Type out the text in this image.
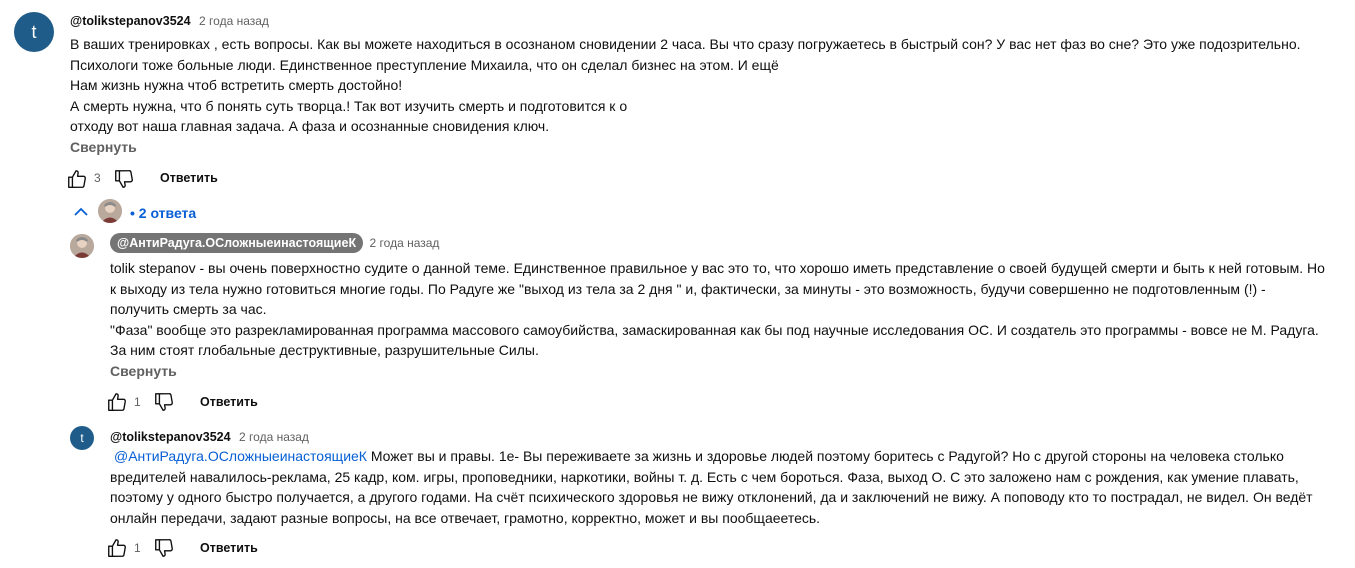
t
@tolikstepanov3524 2 года назад
В ваших тренировках , есть вопросы. Как вы можете находиться в осознаном сновидении 2 часа. Вы что сразу погружаетесь в быстрый сон? У вас нет фаз во сне? Это уже подозрительно.
Психологи тоже больные люди. Единственное преступление Михаила, что он сделал бизнес на этом. И ещё
Нам жизнь нужна чтоб встретить смерть достойно!
А смерть нужна, что б понять суть творца.! Так вот изучить смерть и подготовится к о
отходу вот наша главная задача. А фаза и осознанные сновидения ключ.
Свернуть
3	Ответить
• 2 ответа
@АнтиРадуга.ОСложныеинастоящиеК 2 года назад
tolik stepanov - вы очень поверхностно судите о данной теме. Единственное правильное у вас это то, что хорошо иметь представление о своей будущей смерти и быть к ней готовым. Но
к выходу из тела нужно готовиться многие годы. По Радуге же "выход из тела за 2 дня " и, фактически, за минуты - это возможность, будучи совершенно не подготовленным (!) -
получить смерть за час.
"Фаза" вообще это разрекламированная программа массового самоубийства, замаскированная как бы под научные исследования ОС. И создатель это программы - вовсе не М. Радуга.
За ним стоят глобальные деструктивные, разрушительные Силы.
Свернуть
1	Ответить
t @tolikstepanov3524 2 года назад
@АнтиРадуга.ОСложныеинастоящиеК Может вы и правы. 1е- Вы переживаете за жизнь и здоровье людей поэтому боритесь с Радугой? Но с другой стороны на человека столько
вредителей навалилось-реклама, 25 кадр, ком. игры, проповедники, наркотики, войны т. д. Есть с чем бороться. Фаза, выход О. С это заложено нам с рождения, как умение плавать,
поэтому у одного быстро получается, а другого годами. На счёт психического здоровья не вижу отклонений, да и заключений не вижу. А поповоду кто то пострадал, не видел. Он ведёт
онлайн передачи, задают разные вопросы, на все отвечает, грамотно, корректно, может и вы пообщаеетесь.
1	Ответить
